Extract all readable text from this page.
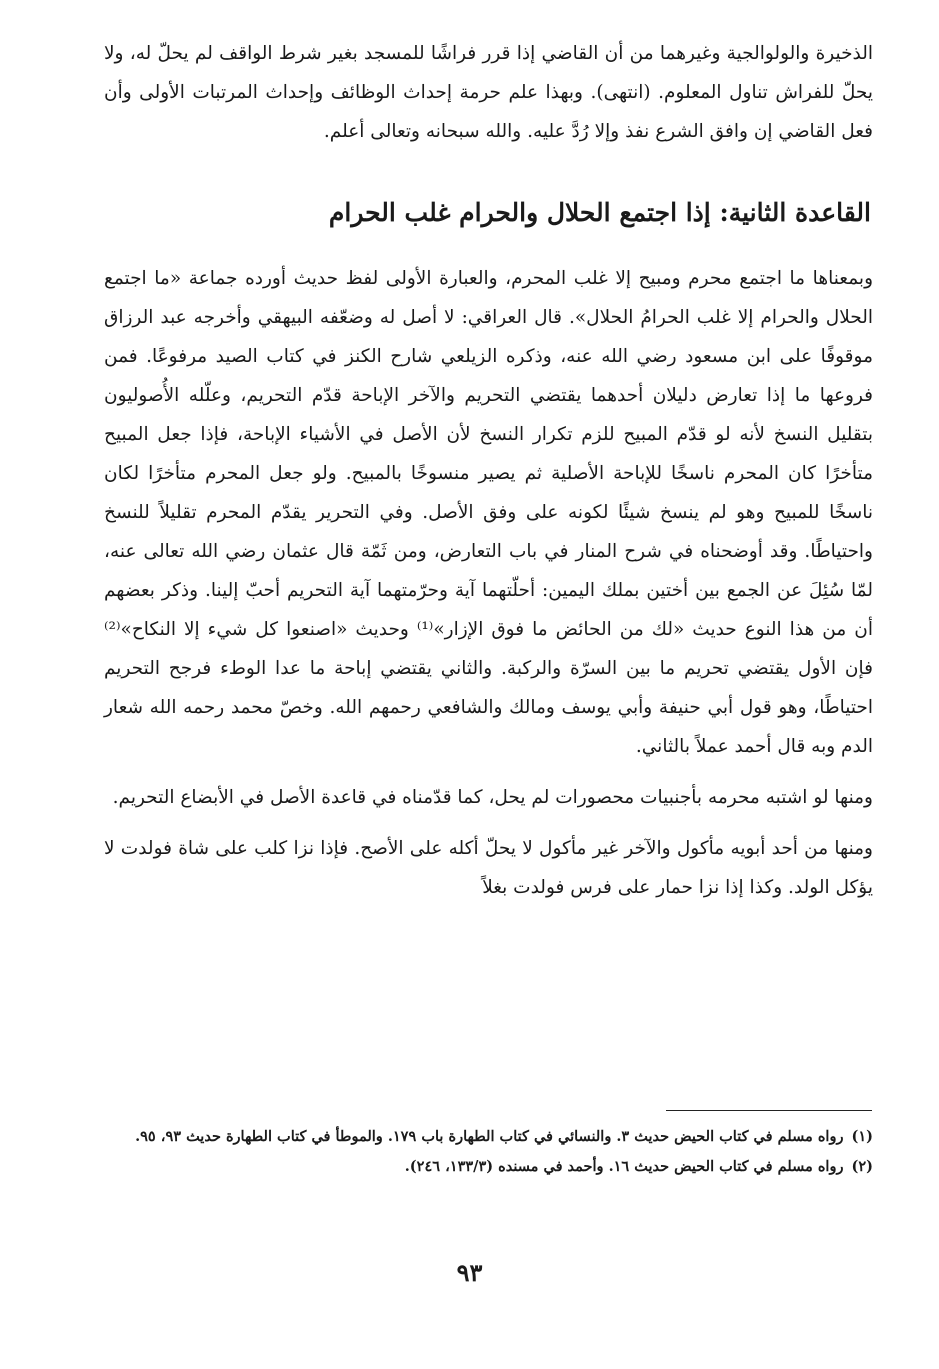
الذخيرة والولوالجية وغيرهما من أن القاضي إذا قرر فراشًا للمسجد بغير شرط الواقف لم يحلّ له، ولا يحلّ للفراش تناول المعلوم. (انتهى). وبهذا علم حرمة إحداث الوظائف وإحداث المرتبات الأولى وأن فعل القاضي إن وافق الشرع نفذ وإلا رُدَّ عليه. والله سبحانه وتعالى أعلم.

القاعدة الثانية: إذا اجتمع الحلال والحرام غلب الحرام

وبمعناها ما اجتمع محرم ومبيح إلا غلب المحرم، والعبارة الأولى لفظ حديث أورده جماعة «ما اجتمع الحلال والحرام إلا غلب الحرامُ الحلال». قال العراقي: لا أصل له وضعّفه البيهقي وأخرجه عبد الرزاق موقوفًا على ابن مسعود رضي الله عنه، وذكره الزيلعي شارح الكنز في كتاب الصيد مرفوعًا. فمن فروعها ما إذا تعارض دليلان أحدهما يقتضي التحريم والآخر الإباحة قدّم التحريم، وعلّله الأُصوليون بتقليل النسخ لأنه لو قدّم المبيح للزم تكرار النسخ لأن الأصل في الأشياء الإباحة، فإذا جعل المبيح متأخرًا كان المحرم ناسخًا للإباحة الأصلية ثم يصير منسوخًا بالمبيح. ولو جعل المحرم متأخرًا لكان ناسخًا للمبيح وهو لم ينسخ شيئًا لكونه على وفق الأصل. وفي التحرير يقدّم المحرم تقليلاً للنسخ واحتياطًا. وقد أوضحناه في شرح المنار في باب التعارض، ومن ثَمّة قال عثمان رضي الله تعالى عنه، لمّا سُئِلَ عن الجمع بين أختين بملك اليمين: أحلّتهما آية وحرّمتهما آية التحريم أحبّ إلينا. وذكر بعضهم أن من هذا النوع حديث «لك من الحائض ما فوق الإزار»⁽¹⁾ وحديث «اصنعوا كل شيء إلا النكاح»⁽²⁾ فإن الأول يقتضي تحريم ما بين السرّة والركبة. والثاني يقتضي إباحة ما عدا الوطء فرجح التحريم احتياطًا، وهو قول أبي حنيفة وأبي يوسف ومالك والشافعي رحمهم الله. وخصّ محمد رحمه الله شعار الدم وبه قال أحمد عملاً بالثاني.

ومنها لو اشتبه محرمه بأجنبيات محصورات لم يحل، كما قدّمناه في قاعدة الأصل في الأبضاع التحريم.

ومنها من أحد أبويه مأكول والآخر غير مأكول لا يحلّ أكله على الأصح. فإذا نزا كلب على شاة فولدت لا يؤكل الولد. وكذا إذا نزا حمار على فرس فولدت بغلاً

(١)
رواه مسلم في كتاب الحيض حديث ٣. والنسائي في كتاب الطهارة باب ١٧٩. والموطأ في كتاب الطهارة حديث ٩٣، ٩٥.
(٢)
رواه مسلم في كتاب الحيض حديث ١٦. وأحمد في مسنده (١٣٣/٣، ٢٤٦).
٩٣
